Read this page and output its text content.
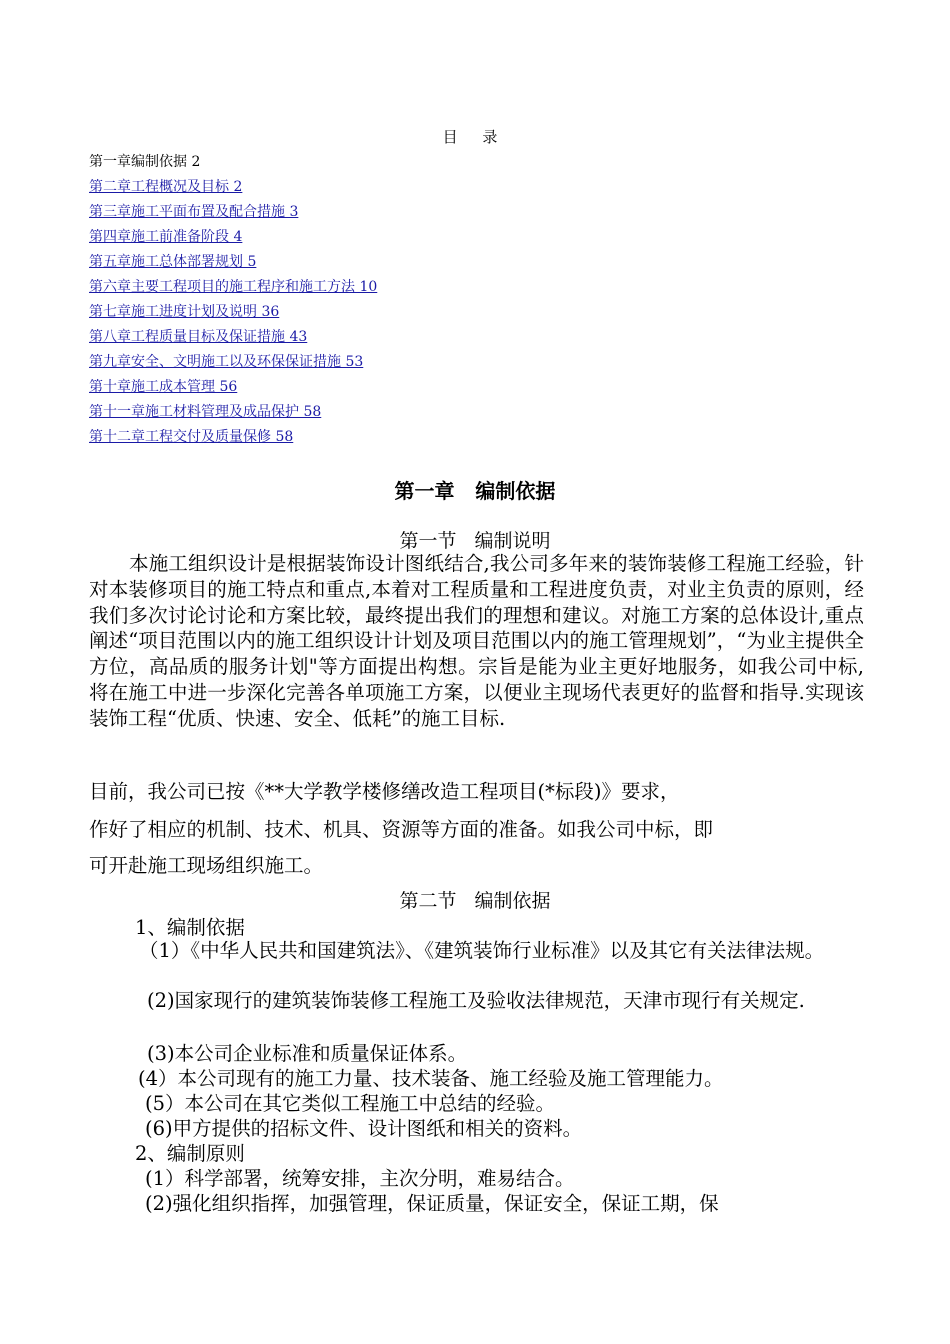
目 录
第一章编制依据 2
第二章工程概况及目标 2
第三章施工平面布置及配合措施 3
第四章施工前准备阶段 4
第五章施工总体部署规划 5
第六章主要工程项目的施工程序和施工方法 10
第七章施工进度计划及说明 36
第八章工程质量目标及保证措施 43
第九章安全、文明施工以及环保保证措施 53
第十章施工成本管理 56
第十一章施工材料管理及成品保护 58
第十二章工程交付及质量保修 58
第一章   编制依据
第一节   编制说明

本施工组织设计是根据装饰设计图纸结合,我公司多年来的装饰装修工程施工经验，针对本装修项目的施工特点和重点,本着对工程质量和工程进度负责，对业主负责的原则，经我们多次讨论讨论和方案比较，最终提出我们的理想和建议。对施工方案的总体设计,重点阐述“项目范围以内的施工组织设计计划及项目范围以内的施工管理规划”，“为业主提供全方位，高品质的服务计划"等方面提出构想。宗旨是能为业主更好地服务，如我公司中标,将在施工中进一步深化完善各单项施工方案，以便业主现场代表更好的监督和指导.实现该装饰工程“优质、快速、安全、低耗”的施工目标.

目前，我公司已按《**大学教学楼修缮改造工程项目(*标段)》要求，

作好了相应的机制、技术、机具、资源等方面的准备。如我公司中标，即

可开赴施工现场组织施工。

第二节   编制依据

1、编制依据

（1）《中华人民共和国建筑法》、《建筑装饰行业标准》以及其它有关法律法规。

(2)国家现行的建筑装饰装修工程施工及验收法律规范，天津市现行有关规定.

(3)本公司企业标准和质量保证体系。

(4）本公司现有的施工力量、技术装备、施工经验及施工管理能力。

(5）本公司在其它类似工程施工中总结的经验。

(6)甲方提供的招标文件、设计图纸和相关的资料。

2、编制原则

(1）科学部署，统筹安排，主次分明，难易结合。

(2)强化组织指挥，加强管理，保证质量，保证安全，保证工期，保
